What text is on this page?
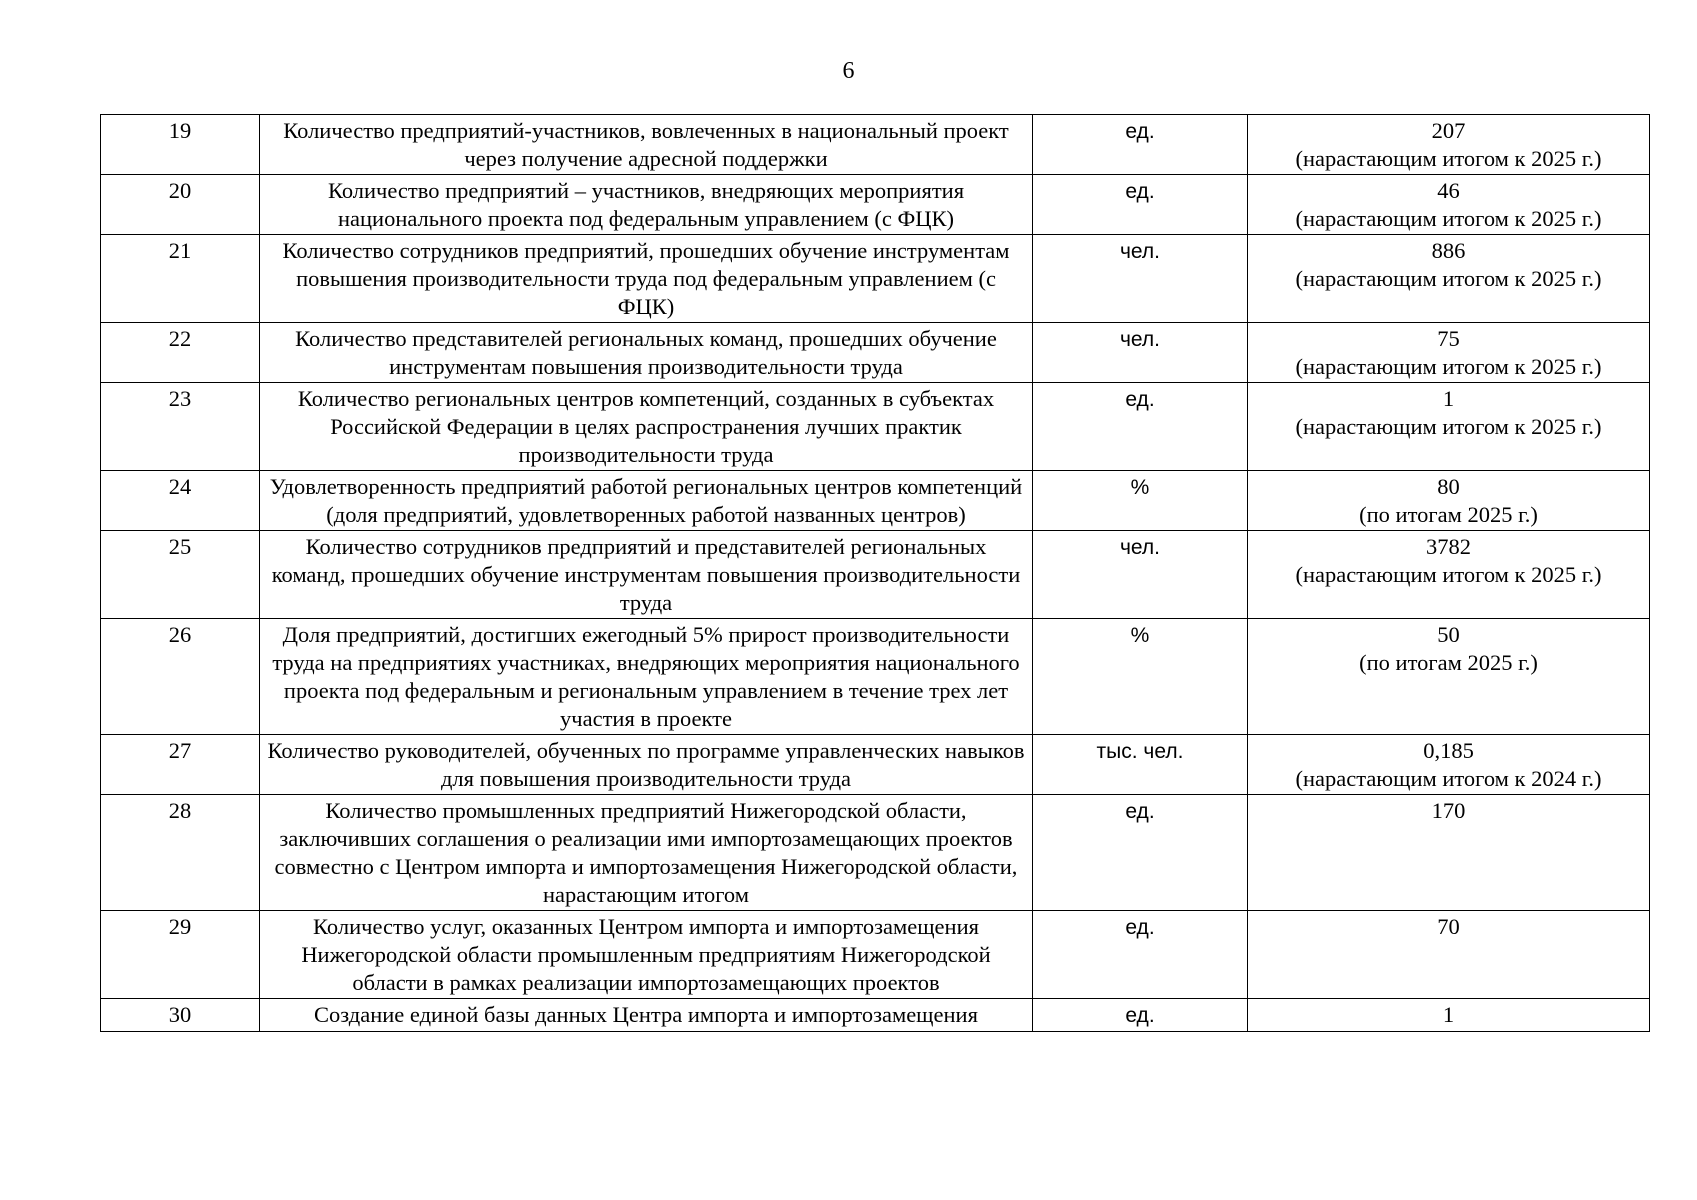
6
19	Количество предприятий-участников, вовлеченных в национальный проект через получение адресной поддержки	ед.	207
(нарастающим итогом к 2025 г.)

20	Количество предприятий – участников, внедряющих мероприятия национального проекта под федеральным управлением (с ФЦК)	ед.	46
(нарастающим итогом к 2025 г.)

21	Количество сотрудников предприятий, прошедших обучение инструментам повышения производительности труда под федеральным управлением (с ФЦК)	чел.	886
(нарастающим итогом к 2025 г.)

22	Количество представителей региональных команд, прошедших обучение инструментам повышения производительности труда	чел.	75
(нарастающим итогом к 2025 г.)

23	Количество региональных центров компетенций, созданных в субъектах Российской Федерации в целях распространения лучших практик производительности труда	ед.	1
(нарастающим итогом к 2025 г.)

24	Удовлетворенность предприятий работой региональных центров компетенций (доля предприятий, удовлетворенных работой названных центров)	%	80
(по итогам 2025 г.)

25	Количество сотрудников предприятий и представителей региональных команд, прошедших обучение инструментам повышения производительности труда	чел.	3782
(нарастающим итогом к 2025 г.)

26	Доля предприятий, достигших ежегодный 5% прирост производительности труда на предприятиях участниках, внедряющих мероприятия национального проекта под федеральным и региональным управлением в течение трех лет участия в проекте	%	50
(по итогам 2025 г.)

27	Количество руководителей, обученных по программе управленческих навыков для повышения производительности труда	тыс. чел.	0,185
(нарастающим итогом к 2024 г.)

28	Количество промышленных предприятий Нижегородской области, заключивших соглашения о реализации ими импортозамещающих проектов совместно с Центром импорта и импортозамещения Нижегородской области, нарастающим итогом	ед.	170

29	Количество услуг, оказанных Центром импорта и импортозамещения Нижегородской области промышленным предприятиям Нижегородской области в рамках реализации импортозамещающих проектов	ед.	70

30	Создание единой базы данных Центра импорта и импортозамещения	ед.	1
